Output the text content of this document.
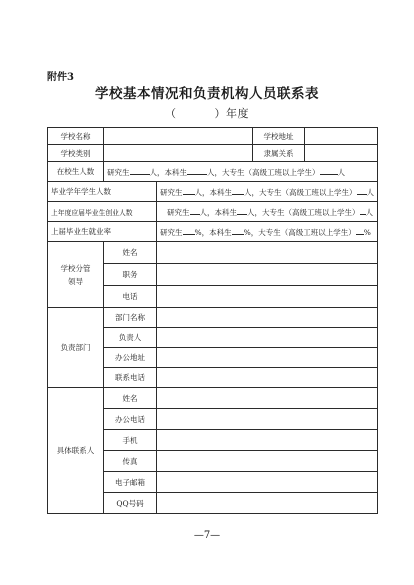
附件3
学校基本情况和负责机构人员联系表
（	）年度
学校名称			学校地址	
学校类别			隶属关系	
在校生人数	研究生 人，本科生 人，大专生（高级工班以上学生） 人			
毕业学年学生人数		研究生 人，本科生 人，大专生（高级工班以上学生） 人		
上年度应届毕业生创业人数		研究生 人，本科生 人，大专生（高级工班以上学生） 人		
上届毕业生就业率		研究生 %，本科生 %，大专生（高级工班以上学生） %		

学校分管
领导	姓名			
	职务			
	电话			
负责部门	部门名称			
	负责人			
	办公地址			
	联系电话			
具体联系人	姓名			
	办公电话			
	手机			
	传真			
	电子邮箱			
	QQ号码			
—7—
